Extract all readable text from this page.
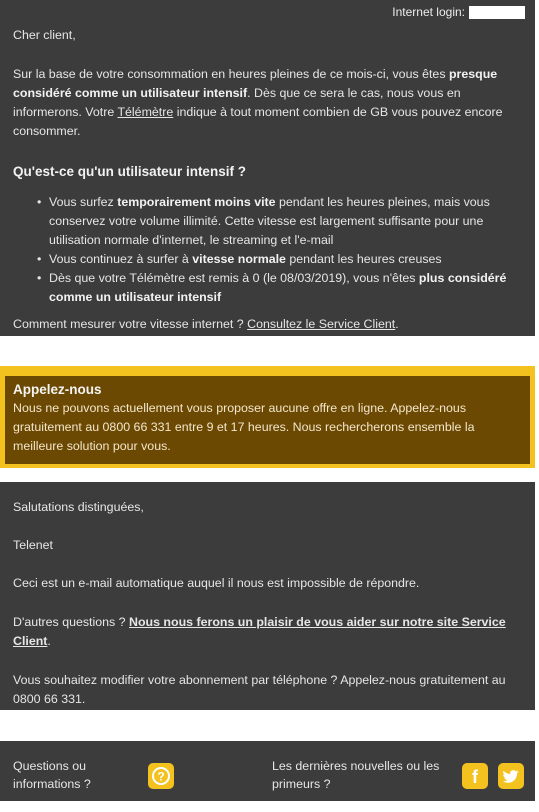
Internet login:
Cher client,
Sur la base de votre consommation en heures pleines de ce mois-ci, vous êtes presque considéré comme un utilisateur intensif. Dès que ce sera le cas, nous vous en informerons. Votre Télémètre indique à tout moment combien de GB vous pouvez encore consommer.
Qu'est-ce qu'un utilisateur intensif ?
• Vous surfez temporairement moins vite pendant les heures pleines, mais vous conservez votre volume illimité. Cette vitesse est largement suffisante pour une utilisation normale d'internet, le streaming et l'e-mail
• Vous continuez à surfer à vitesse normale pendant les heures creuses
• Dès que votre Télémètre est remis à 0 (le 08/03/2019), vous n'êtes plus considéré comme un utilisateur intensif
Comment mesurer votre vitesse internet ? Consultez le Service Client.
Appelez-nous
Nous ne pouvons actuellement vous proposer aucune offre en ligne. Appelez-nous gratuitement au 0800 66 331 entre 9 et 17 heures. Nous rechercherons ensemble la meilleure solution pour vous.
Salutations distinguées,
Telenet
Ceci est un e-mail automatique auquel il nous est impossible de répondre.
D'autres questions ? Nous nous ferons un plaisir de vous aider sur notre site Service Client.
Vous souhaitez modifier votre abonnement par téléphone ? Appelez-nous gratuitement au 0800 66 331.
Questions ou informations ?
?
Les dernières nouvelles ou les primeurs ?	f
